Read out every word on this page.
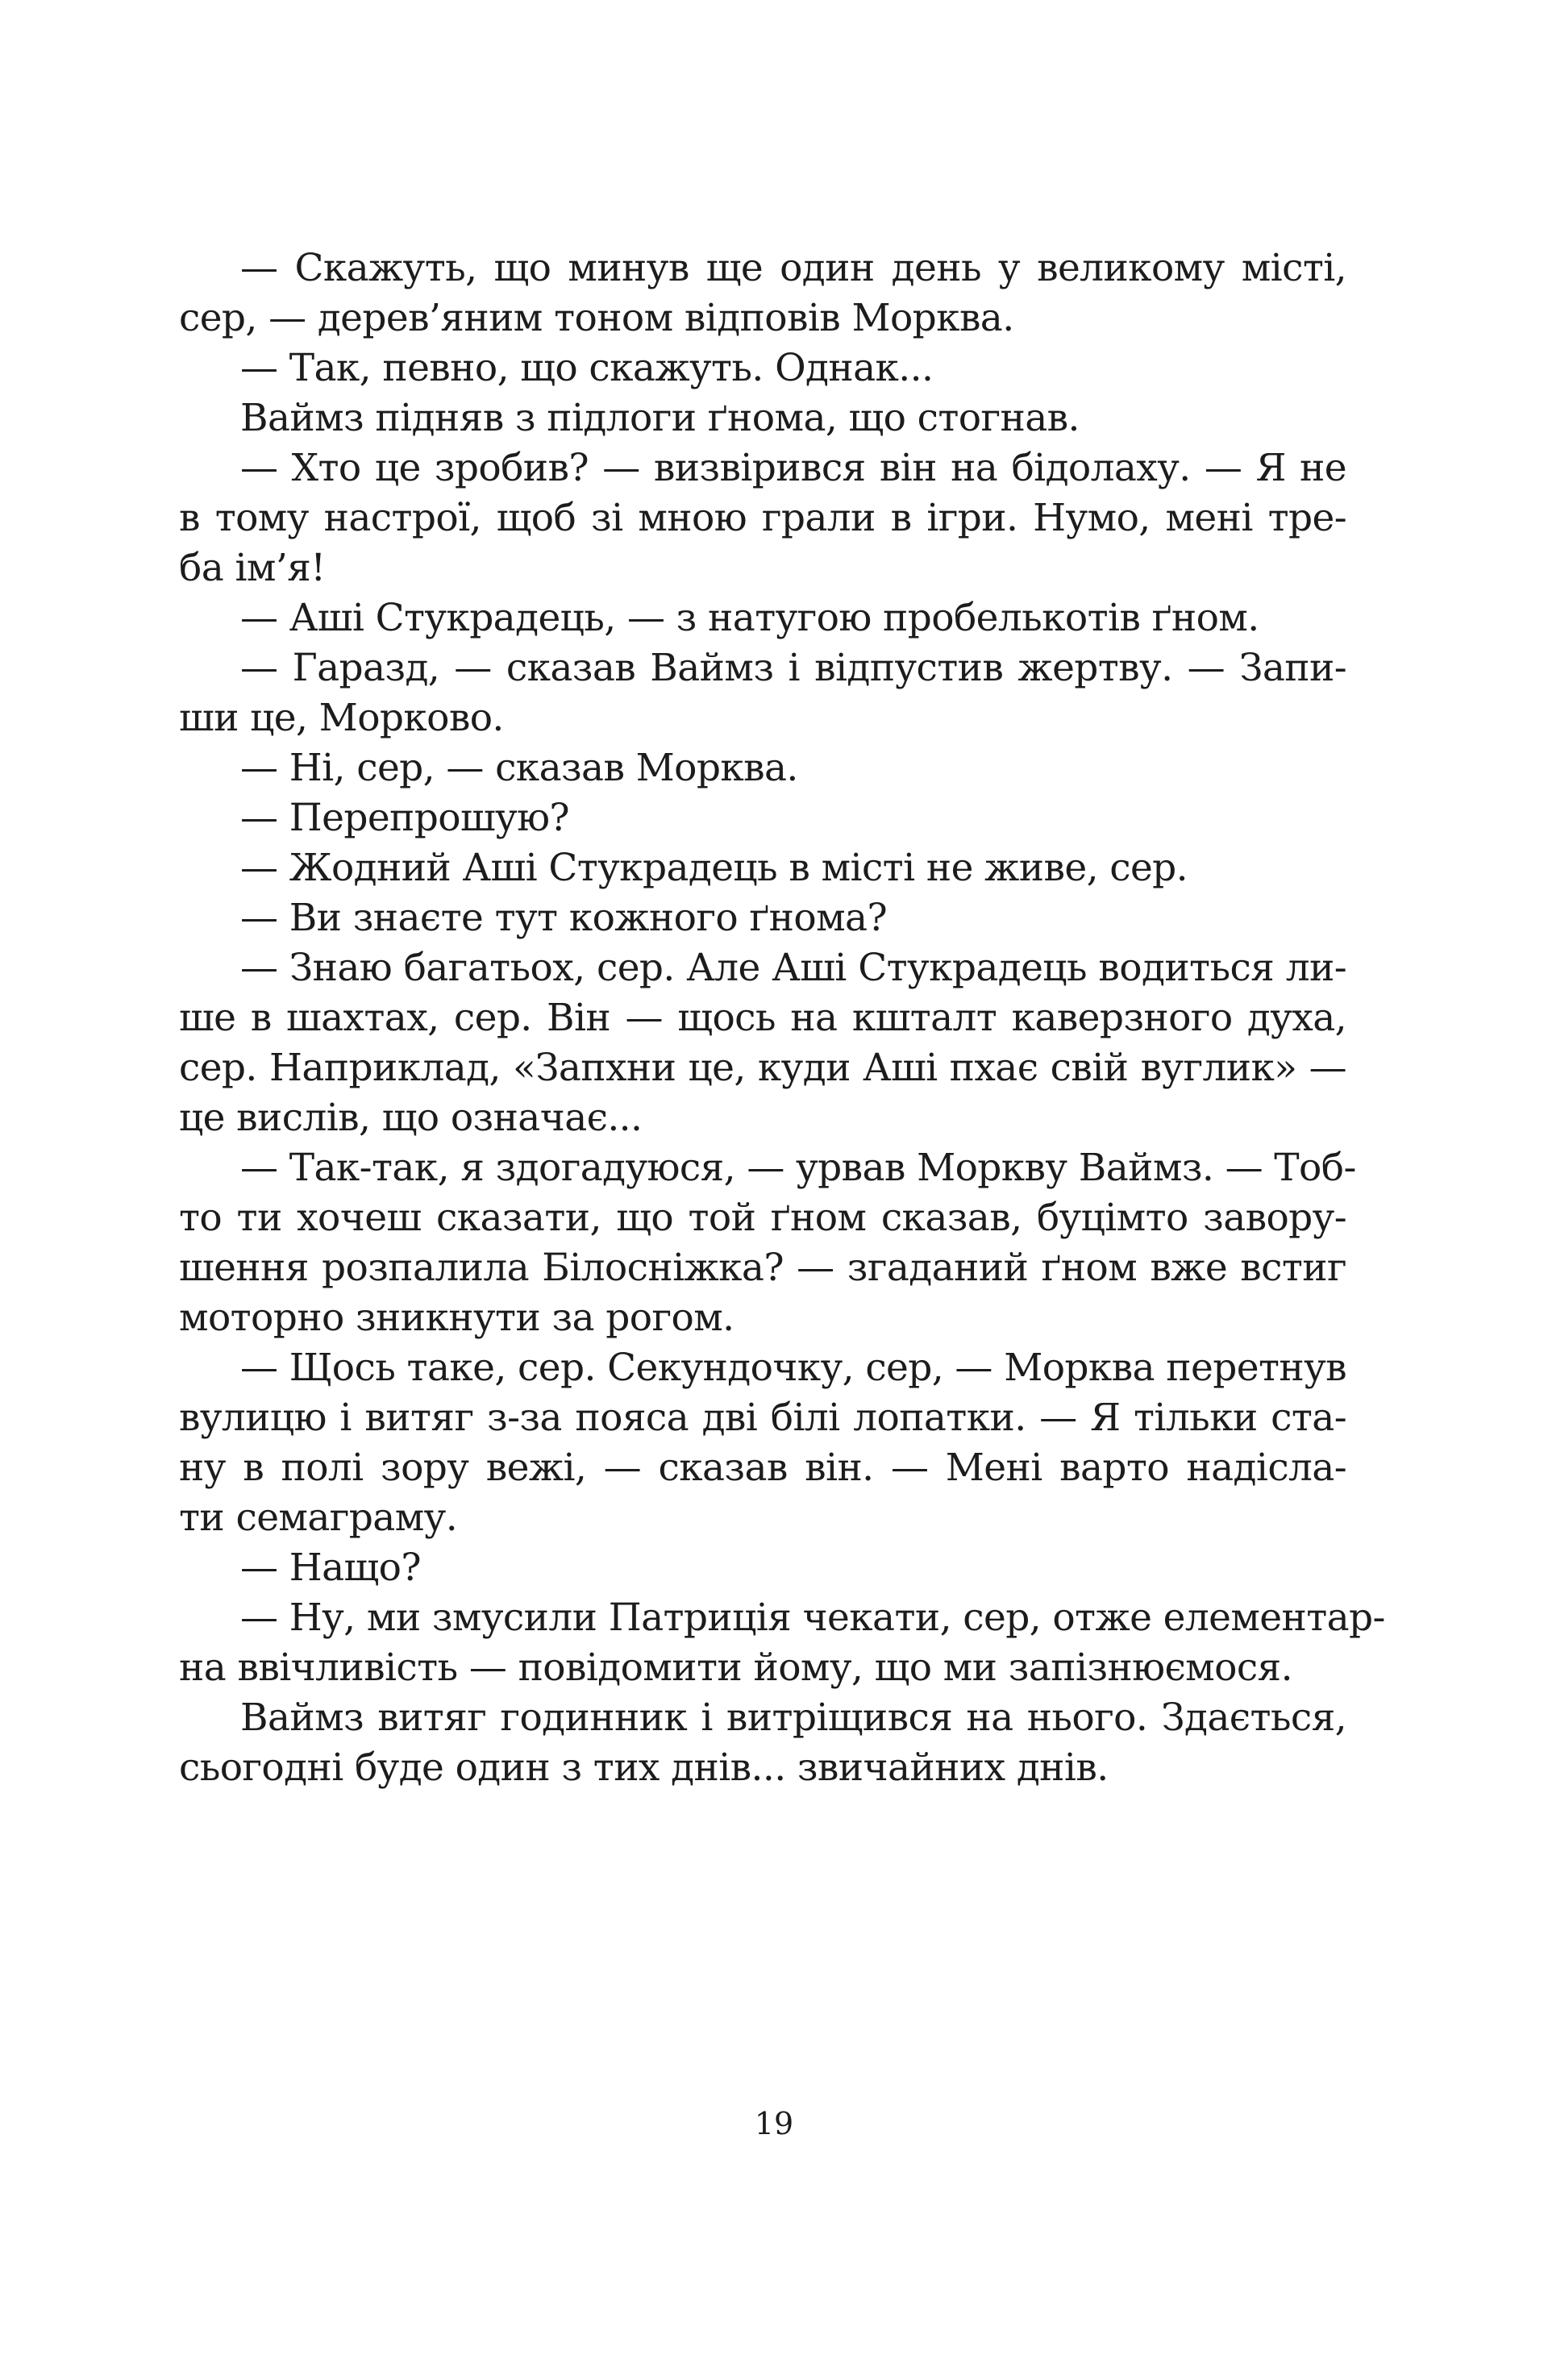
— Скажуть, що минув ще один день у великому місті,
сер, — дерев’яним тоном відповів Морква.
— Так, певно, що скажуть. Однак...
Ваймз підняв з підлоги ґнома, що стогнав.
— Хто це зробив? — визвірився він на бідолаху. — Я не
в тому настрої, щоб зі мною грали в ігри. Нумо, мені тре-
ба ім’я!
— Аші Стукрадець, — з натугою пробелькотів ґном.
— Гаразд, — сказав Ваймз і відпустив жертву. — Запи-
ши це, Морково.
— Ні, сер, — сказав Морква.
— Перепрошую?
— Жодний Аші Стукрадець в місті не живе, сер.
— Ви знаєте тут кожного ґнома?
— Знаю багатьох, сер. Але Аші Стукрадець водиться ли-
ше в шахтах, сер. Він — щось на кшталт каверзного духа,
сер. Наприклад, «Запхни це, куди Аші пхає свій вуглик» —
це вислів, що означає...
— Так-так, я здогадуюся, — урвав Моркву Ваймз. — Тоб-
то ти хочеш сказати, що той ґном сказав, буцімто завору-
шення розпалила Білосніжка? — згаданий ґном вже встиг
моторно зникнути за рогом.
— Щось таке, сер. Секундочку, сер, — Морква перетнув
вулицю і витяг з-за пояса дві білі лопатки. — Я тільки ста-
ну в полі зору вежі, — сказав він. — Мені варто надісла-
ти семаграму.
— Нащо?
— Ну, ми змусили Патриція чекати, сер, отже елементар-
на ввічливість — повідомити йому, що ми запізнюємося.
Ваймз витяг годинник і витріщився на нього. Здається,
сьогодні буде один з тих днів... звичайних днів.
19
